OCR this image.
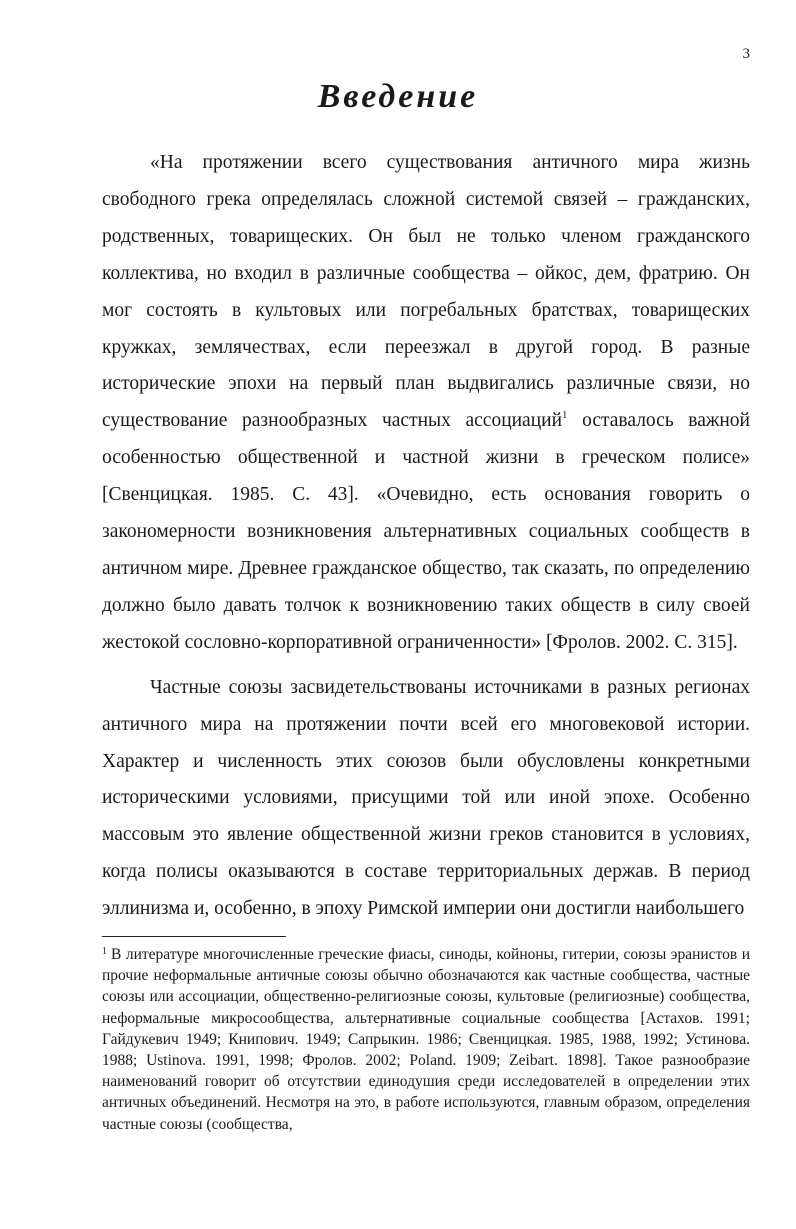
3
Введение

«На протяжении всего существования античного мира жизнь свободного грека определялась сложной системой связей – гражданских, родственных, товарищеских. Он был не только членом гражданского коллектива, но входил в различные сообщества – ойкос, дем, фратрию. Он мог состоять в культовых или погребальных братствах, товарищеских кружках, землячествах, если переезжал в другой город. В разные исторические эпохи на первый план выдвигались различные связи, но существование разнообразных частных ассоциаций$^1$ оставалось важной особенностью общественной и частной жизни в греческом полисе» [Свенцицкая. 1985. С. 43]. «Очевидно, есть основания говорить о закономерности возникновения альтернативных социальных сообществ в античном мире. Древнее гражданское общество, так сказать, по определению должно было давать толчок к возникновению таких обществ в силу своей жестокой сословно-корпоративной ограниченности» [Фролов. 2002. С. 315].

Частные союзы засвидетельствованы источниками в разных регионах античного мира на протяжении почти всей его многовековой истории. Характер и численность этих союзов были обусловлены конкретными историческими условиями, присущими той или иной эпохе. Особенно массовым это явление общественной жизни греков становится в условиях, когда полисы оказываются в составе территориальных держав. В период эллинизма и, особенно, в эпоху Римской империи они достигли наибольшего

$^1$ В литературе многочисленные греческие фиасы, синоды, койноны, гитерии, союзы эранистов и прочие неформальные античные союзы обычно обозначаются как частные сообщества, частные союзы или ассоциации, общественно-религиозные союзы, культовые (религиозные) сообщества, неформальные микросообщества, альтернативные социальные сообщества [Астахов. 1991; Гайдукевич 1949; Книпович. 1949; Сапрыкин. 1986; Свенцицкая. 1985, 1988, 1992; Устинова. 1988; Ustinova. 1991, 1998; Фролов. 2002; Poland. 1909; Zeibart. 1898]. Такое разнообразие наименований говорит об отсутствии единодушия среди исследователей в определении этих античных объединений. Несмотря на это, в работе используются, главным образом, определения частные союзы (сообщества,
